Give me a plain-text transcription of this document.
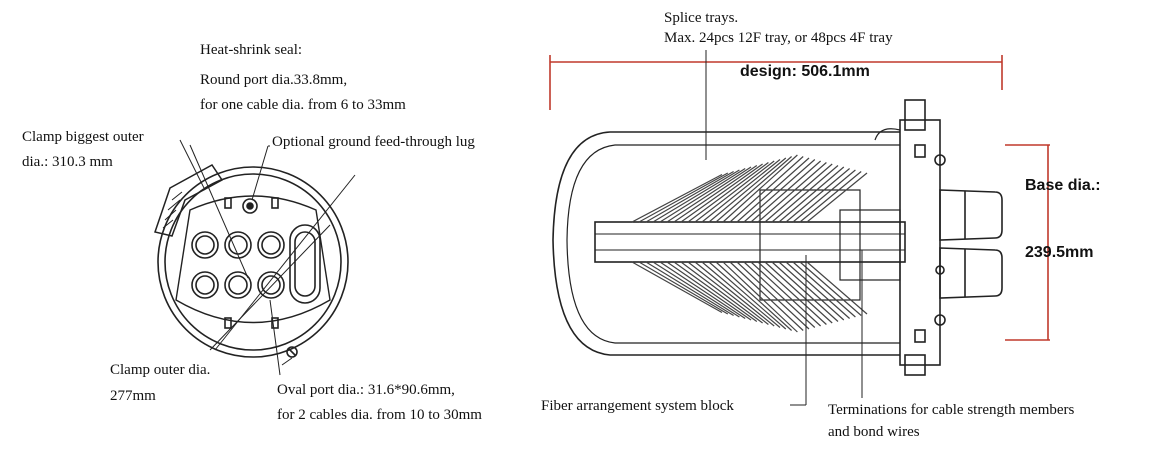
Splice trays.
Max. 24pcs 12F tray, or 48pcs 4F tray
design: 506.1mm
Heat-shrink seal:
Round port dia.33.8mm,
for one cable dia. from 6 to 33mm
Clamp biggest outer
dia.: 310.3 mm
Optional ground feed-through lug
Base dia.:
239.5mm
Clamp outer dia.
277mm	Oval port dia.: 31.6*90.6mm,
for 2 cables dia. from 10 to 30mm
Fiber arrangement system block	Terminations for cable strength members
and bond wires
